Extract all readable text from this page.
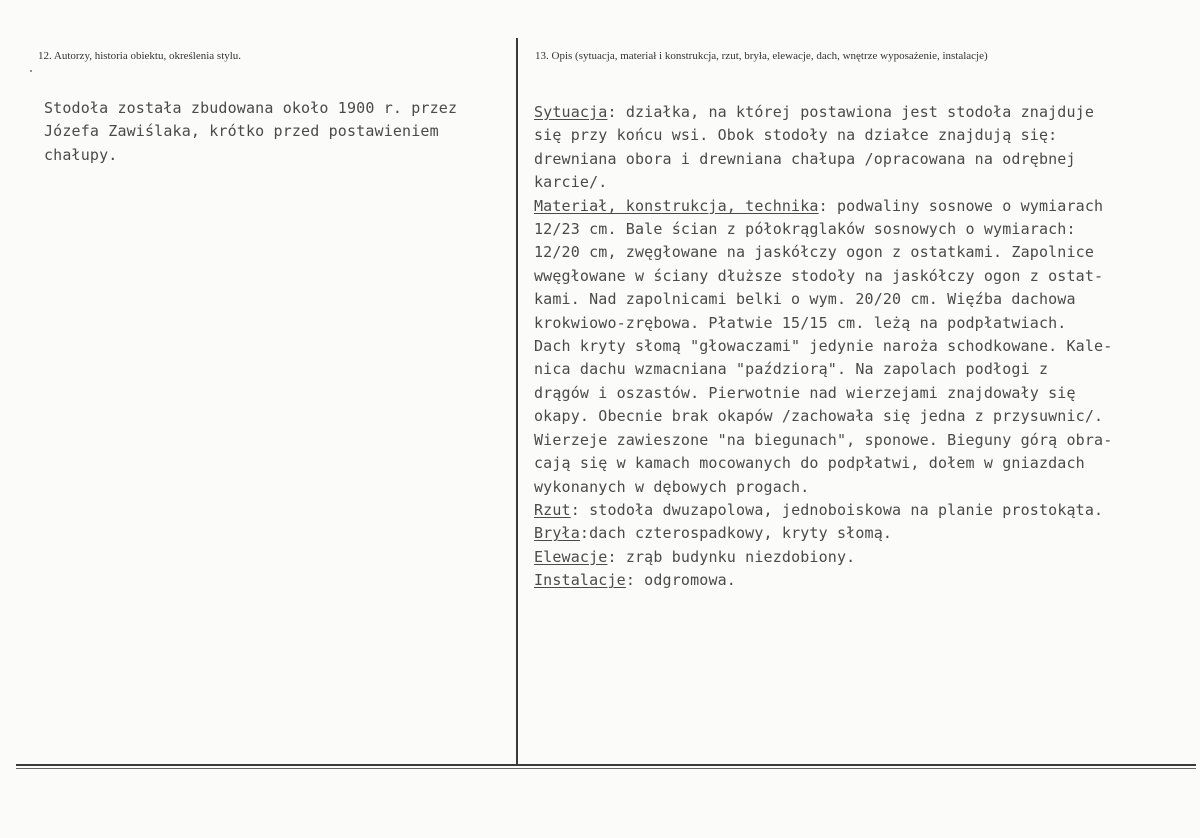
12. Autorzy, historia obiektu, określenia stylu.	13. Opis (sytuacja, materiał i konstrukcja, rzut, bryła, elewacje, dach, wnętrze wyposażenie, instalacje)
Stodoła została zbudowana około 1900 r. przez
Józefa Zawiślaka, krótko przed postawieniem
chałupy.
Sytuacja: działka, na której postawiona jest stodoła znajduje
się przy końcu wsi. Obok stodoły na działce znajdują się:
drewniana obora i drewniana chałupa /opracowana na odrębnej
karcie/.
Materiał, konstrukcja, technika: podwaliny sosnowe o wymiarach
12/23 cm. Bale ścian z półokrąglaków sosnowych o wymiarach:
12/20 cm, zwęgłowane na jaskółczy ogon z ostatkami. Zapolnice
wwęgłowane w ściany dłuższe stodoły na jaskółczy ogon z ostat-
kami. Nad zapolnicami belki o wym. 20/20 cm. Więźba dachowa
krokwiowo-zrębowa. Płatwie 15/15 cm. leżą na podpłatwiach.
Dach kryty słomą "głowaczami" jedynie naroża schodkowane. Kale-
nica dachu wzmacniana "paździorą". Na zapolach podłogi z
drągów i oszastów. Pierwotnie nad wierzejami znajdowały się
okapy. Obecnie brak okapów /zachowała się jedna z przysuwnic/.
Wierzeje zawieszone "na biegunach", sponowe. Bieguny górą obra-
cają się w kamach mocowanych do podpłatwi, dołem w gniazdach
wykonanych w dębowych progach.
Rzut: stodoła dwuzapolowa, jednoboiskowa na planie prostokąta.
Bryła:dach czterospadkowy, kryty słomą.
Elewacje: zrąb budynku niezdobiony.
Instalacje: odgromowa.
